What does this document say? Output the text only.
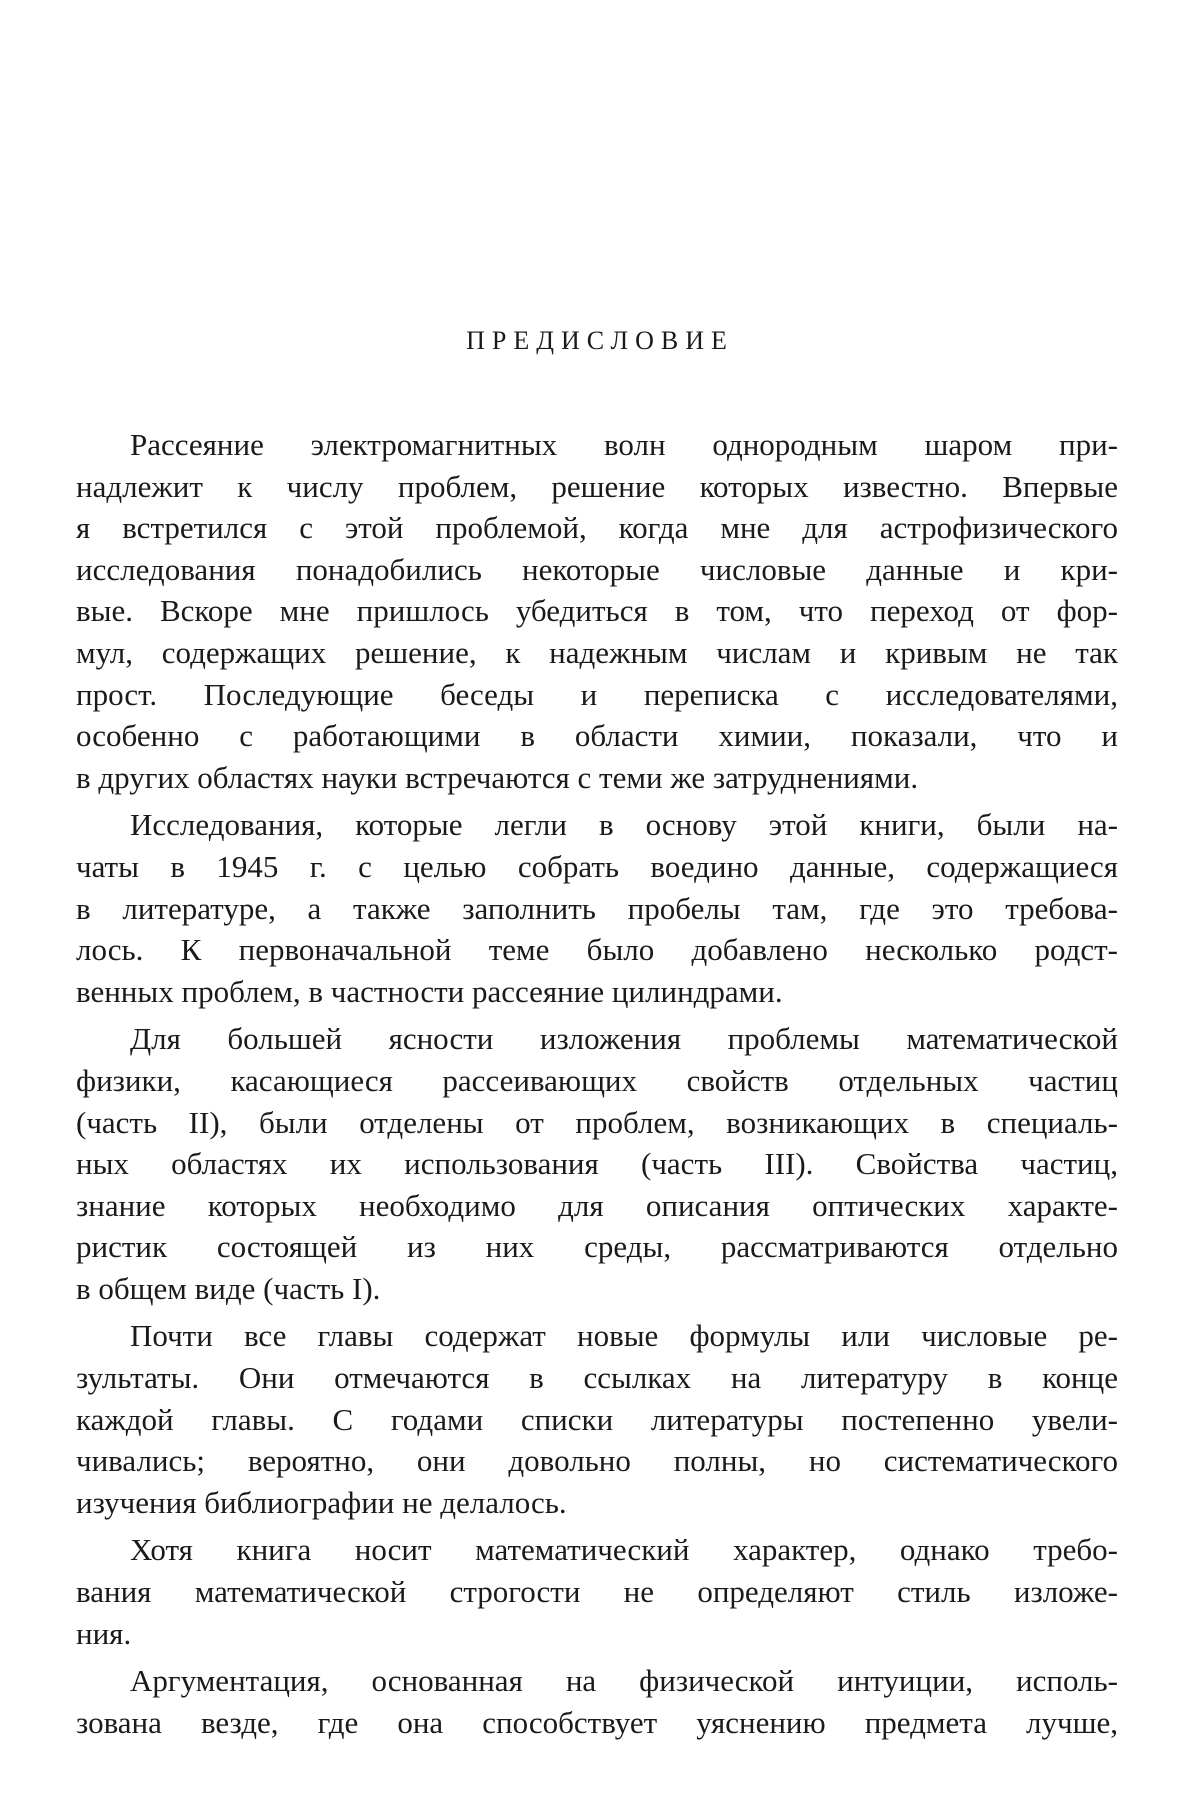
ПРЕДИСЛОВИЕ
Рассеяние электромагнитных волн однородным шаром при-
надлежит к числу проблем, решение которых известно. Впервые
я встретился с этой проблемой, когда мне для астрофизического
исследования понадобились некоторые числовые данные и кри-
вые. Вскоре мне пришлось убедиться в том, что переход от фор-
мул, содержащих решение, к надежным числам и кривым не так
прост. Последующие беседы и переписка с исследователями,
особенно с работающими в области химии, показали, что и
в других областях науки встречаются с теми же затруднениями.
Исследования, которые легли в основу этой книги, были на-
чаты в 1945 г. с целью собрать воедино данные, содержащиеся
в литературе, а также заполнить пробелы там, где это требова-
лось. К первоначальной теме было добавлено несколько родст-
венных проблем, в частности рассеяние цилиндрами.
Для большей ясности изложения проблемы математической
физики, касающиеся рассеивающих свойств отдельных частиц
(часть II), были отделены от проблем, возникающих в специаль-
ных областях их использования (часть III). Свойства частиц,
знание которых необходимо для описания оптических характе-
ристик состоящей из них среды, рассматриваются отдельно
в общем виде (часть I).
Почти все главы содержат новые формулы или числовые ре-
зультаты. Они отмечаются в ссылках на литературу в конце
каждой главы. С годами списки литературы постепенно увели-
чивались; вероятно, они довольно полны, но систематического
изучения библиографии не делалось.
Хотя книга носит математический характер, однако требо-
вания математической строгости не определяют стиль изложе-
ния.
Аргументация, основанная на физической интуиции, исполь-
зована везде, где она способствует уяснению предмета лучше,
